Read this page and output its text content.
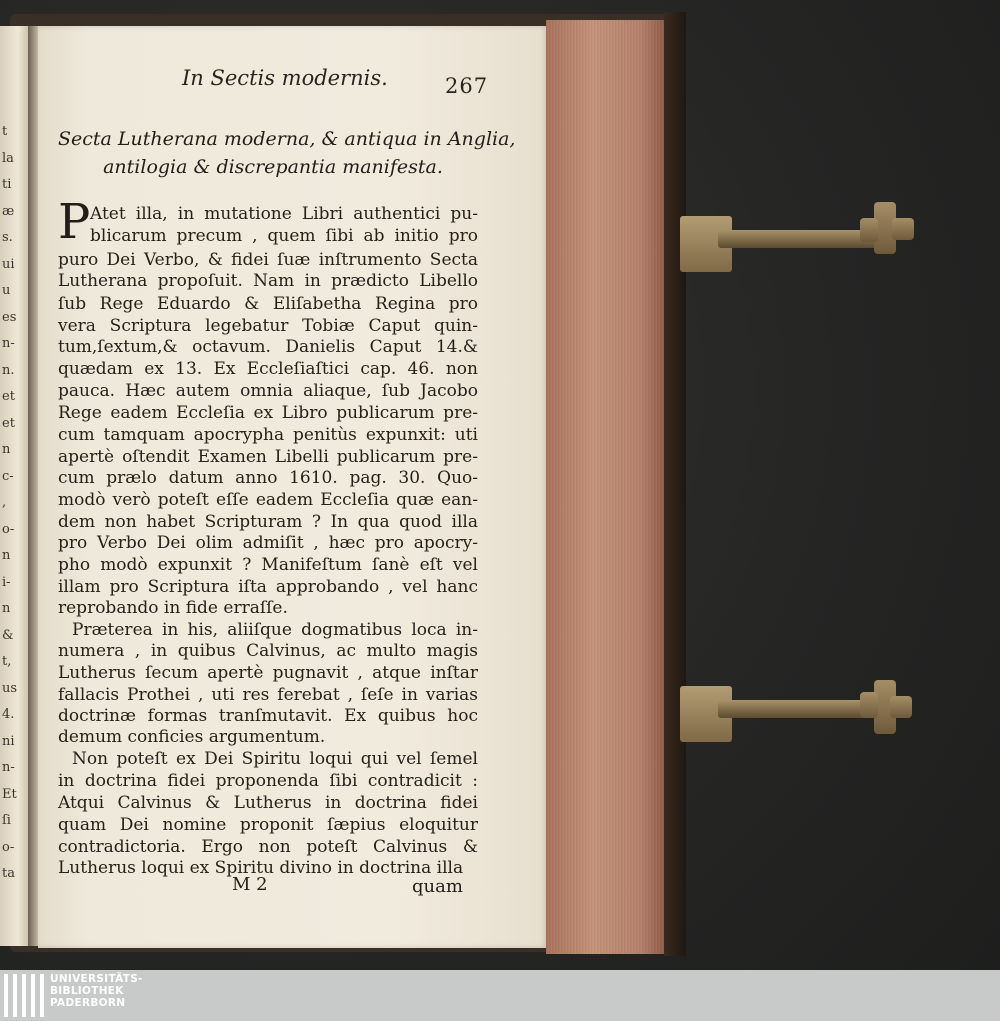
t
la
ti
æ
s.
ui
u
es
n-
n.
et
et
n
c-
,
o-
n
i-
n
&
t,
us
4.
ni
n-
Et
ſi
o-
ta
In Sectis modernis.	267
Secta Lutherana moderna, & antiqua in Anglia,
antilogia & discrepantia manifesta.
P Atet illa, in mutatione Libri authentici pu-
blicarum precum , quem ſibi ab initio pro
puro Dei Verbo, & fidei ſuæ inſtrumento Secta
Lutherana propoſuit. Nam in prædicto Libello
ſub Rege Eduardo & Eliſabetha Regina pro
vera Scriptura legebatur Tobiæ Caput quin-
tum,ſextum,& octavum. Danielis Caput 14.&
quædam ex 13. Ex Eccleſiaſtici cap. 46. non
pauca. Hæc autem omnia aliaque, ſub Jacobo
Rege eadem Eccleſia ex Libro publicarum pre-
cum tamquam apocrypha penitùs expunxit: uti
apertè oſtendit Examen Libelli publicarum pre-
cum prælo datum anno 1610. pag. 30. Quo-
modò verò poteſt eſſe eadem Eccleſia quæ ean-
dem non habet Scripturam ? In qua quod illa
pro Verbo Dei olim admiſit , hæc pro apocry-
pho modò expunxit ? Manifeſtum ſanè eſt vel
illam pro Scriptura iſta approbando , vel hanc
reprobando in fide erraſſe.
Præterea in his, aliiſque dogmatibus loca in-
numera , in quibus Calvinus, ac multo magis
Lutherus ſecum apertè pugnavit , atque inſtar
fallacis Prothei , uti res ferebat , ſeſe in varias
doctrinæ formas tranſmutavit. Ex quibus hoc
demum conficies argumentum.
Non poteſt ex Dei Spiritu loqui qui vel ſemel
in doctrina fidei proponenda ſibi contradicit :
Atqui Calvinus & Lutherus in doctrina fidei
quam Dei nomine proponit ſæpius eloquitur
contradictoria. Ergo non poteſt Calvinus &
Lutherus loqui ex Spiritu divino in doctrina illa
M 2	quam
UNIVERSITÄTS-
BIBLIOTHEK
PADERBORN
